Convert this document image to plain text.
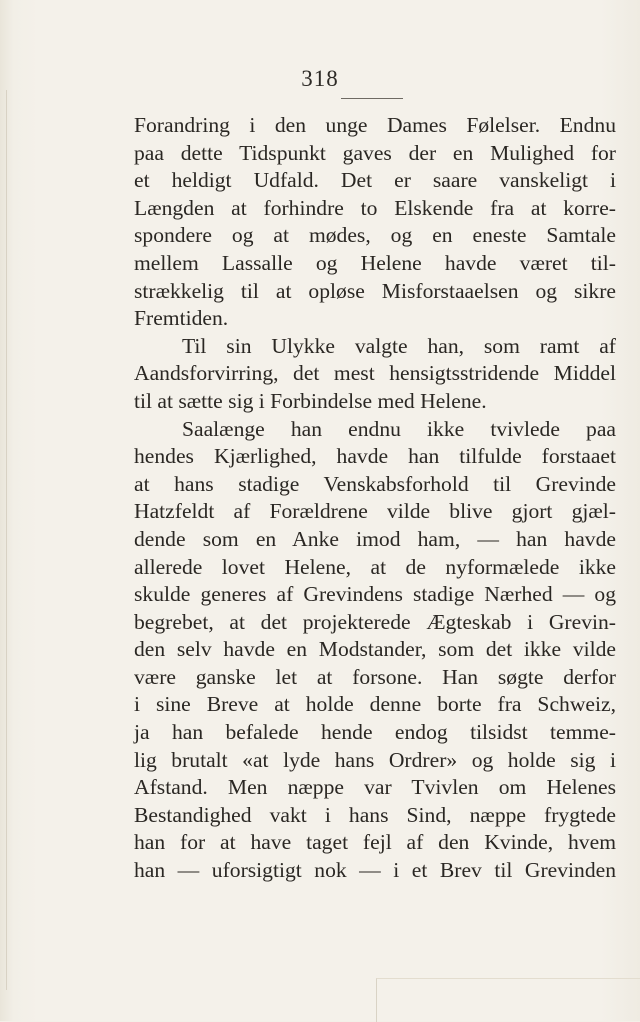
318
Forandring i den unge Dames Følelser. Endnu
paa dette Tidspunkt gaves der en Mulighed for
et heldigt Udfald. Det er saare vanskeligt i
Længden at forhindre to Elskende fra at korre-
spondere og at mødes, og en eneste Samtale
mellem Lassalle og Helene havde været til-
strækkelig til at opløse Misforstaaelsen og sikre
Fremtiden.
Til sin Ulykke valgte han, som ramt af
Aandsforvirring, det mest hensigtsstridende Middel
til at sætte sig i Forbindelse med Helene.
Saalænge han endnu ikke tvivlede paa
hendes Kjærlighed, havde han tilfulde forstaaet
at hans stadige Venskabsforhold til Grevinde
Hatzfeldt af Forældrene vilde blive gjort gjæl-
dende som en Anke imod ham, — han havde
allerede lovet Helene, at de nyformælede ikke
skulde generes af Grevindens stadige Nærhed — og
begrebet, at det projekterede Ægteskab i Grevin-
den selv havde en Modstander, som det ikke vilde
være ganske let at forsone. Han søgte derfor
i sine Breve at holde denne borte fra Schweiz,
ja han befalede hende endog tilsidst temme-
lig brutalt «at lyde hans Ordrer» og holde sig i
Afstand. Men næppe var Tvivlen om Helenes
Bestandighed vakt i hans Sind, næppe frygtede
han for at have taget fejl af den Kvinde, hvem
han — uforsigtigt nok — i et Brev til Grevinden
